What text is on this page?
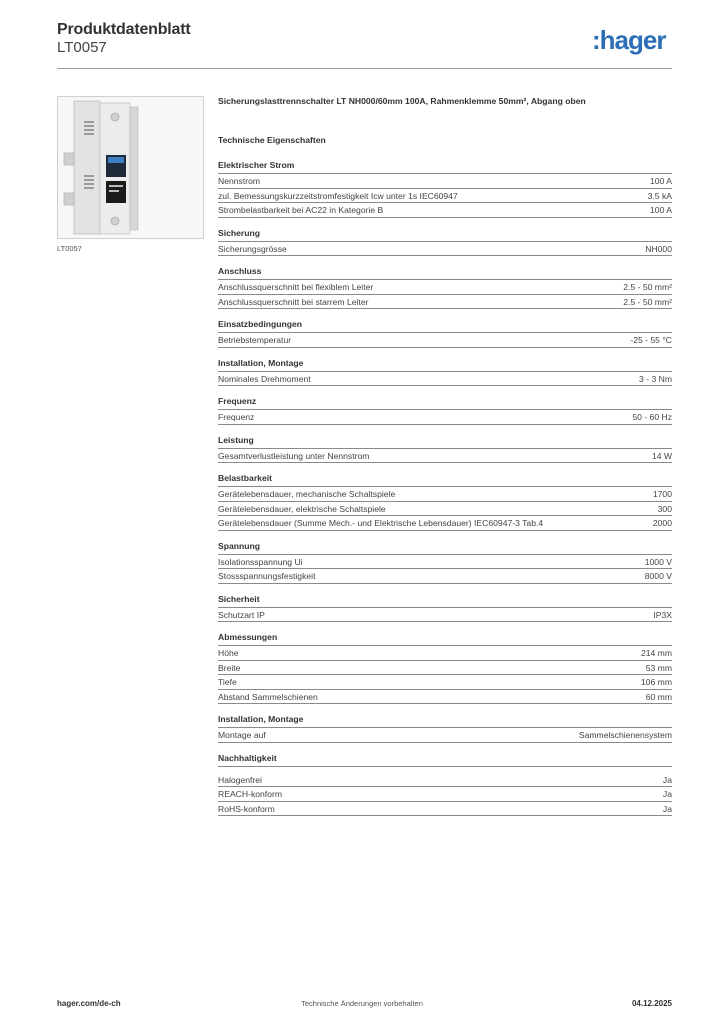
Produktdatenblatt
LT0057	:hager
LT0057
Sicherungslasttrennschalter LT NH000/60mm 100A, Rahmenklemme 50mm², Abgang oben
Technische Eigenschaften
Elektrischer Strom
Nennstrom	100 A
zul. Bemessungskurzzeitstromfestigkeit Icw unter 1s IEC60947	3.5 kA
Strombelastbarkeit bei AC22 in Kategorie B	100 A
Sicherung
Sicherungsgrösse	NH000
Anschluss
Anschlussquerschnitt bei flexiblem Leiter	2.5 - 50 mm²
Anschlussquerschnitt bei starrem Leiter	2.5 - 50 mm²
Einsatzbedingungen
Betriebstemperatur	-25 - 55 °C
Installation, Montage
Nominales Drehmoment	3 - 3 Nm
Frequenz
Frequenz	50 - 60 Hz
Leistung
Gesamtverlustleistung unter Nennstrom	14 W
Belastbarkeit
Gerätelebensdauer, mechanische Schaltspiele	1700
Gerätelebensdauer, elektrische Schaltspiele	300
Gerätelebensdauer (Summe Mech.- und Elektrische Lebensdauer) IEC60947-3 Tab.4	2000
Spannung
Isolationsspannung Ui	1000 V
Stossspannungsfestigkeit	8000 V
Sicherheit
Schutzart IP	IP3X
Abmessungen
Höhe	214 mm
Breite	53 mm
Tiefe	106 mm
Abstand Sammelschienen	60 mm
Installation, Montage
Montage auf	Sammelschienensystem
Nachhaltigkeit
Halogenfrei	Ja
REACH-konform	Ja
RoHS-konform	Ja
hager.com/de-ch	Technische Änderungen vorbehalten	04.12.2025
